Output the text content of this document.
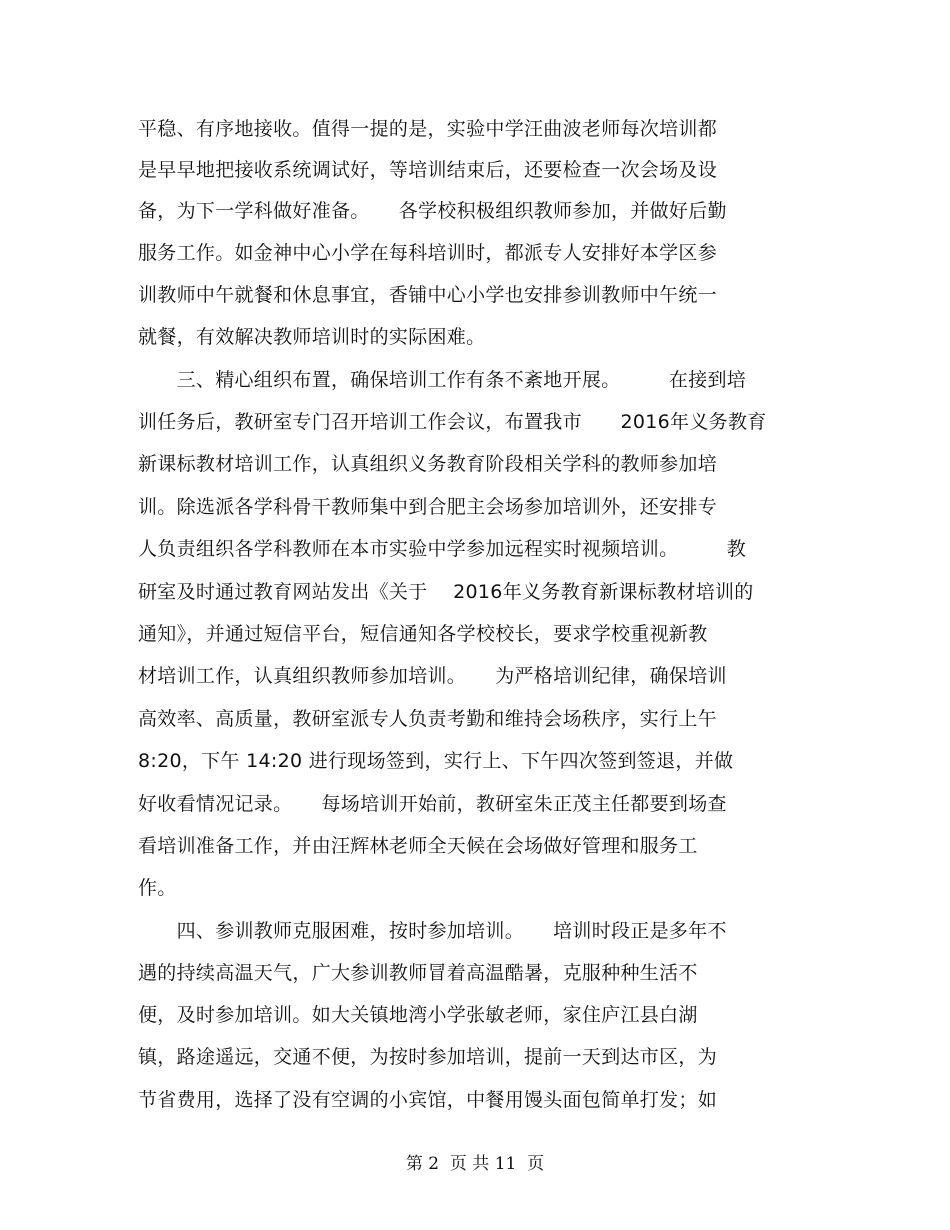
平稳、有序地接收。值得一提的是，实验中学汪曲波老师每次培训都
是早早地把接收系统调试好，等培训结束后，还要检查一次会场及设
备，为下一学科做好准备。　　各学校积极组织教师参加，并做好后勤
服务工作。如金神中心小学在每科培训时，都派专人安排好本学区参
训教师中午就餐和休息事宜，香铺中心小学也安排参训教师中午统一
就餐，有效解决教师培训时的实际困难。
　　三、精心组织布置，确保培训工作有条不紊地开展。　　　在接到培
训任务后，教研室专门召开培训工作会议，布置我市　　2016年义务教育
新课标教材培训工作，认真组织义务教育阶段相关学科的教师参加培
训。除选派各学科骨干教师集中到合肥主会场参加培训外，还安排专
人负责组织各学科教师在本市实验中学参加远程实时视频培训。　　　教
研室及时通过教育网站发出《关于　 2016年义务教育新课标教材培训的
通知》，并通过短信平台，短信通知各学校校长，要求学校重视新教
材培训工作，认真组织教师参加培训。　　为严格培训纪律，确保培训
高效率、高质量，教研室派专人负责考勤和维持会场秩序，实行上午
8:20，下午 14:20 进行现场签到，实行上、下午四次签到签退，并做
好收看情况记录。　　每场培训开始前，教研室朱正茂主任都要到场查
看培训准备工作，并由汪辉林老师全天候在会场做好管理和服务工
作。
　　四、参训教师克服困难，按时参加培训。　　培训时段正是多年不
遇的持续高温天气，广大参训教师冒着高温酷暑，克服种种生活不
便，及时参加培训。如大关镇地湾小学张敏老师，家住庐江县白湖
镇，路途遥远，交通不便，为按时参加培训，提前一天到达市区，为
节省费用，选择了没有空调的小宾馆，中餐用馒头面包简单打发；如
第 2  页 共 11  页
